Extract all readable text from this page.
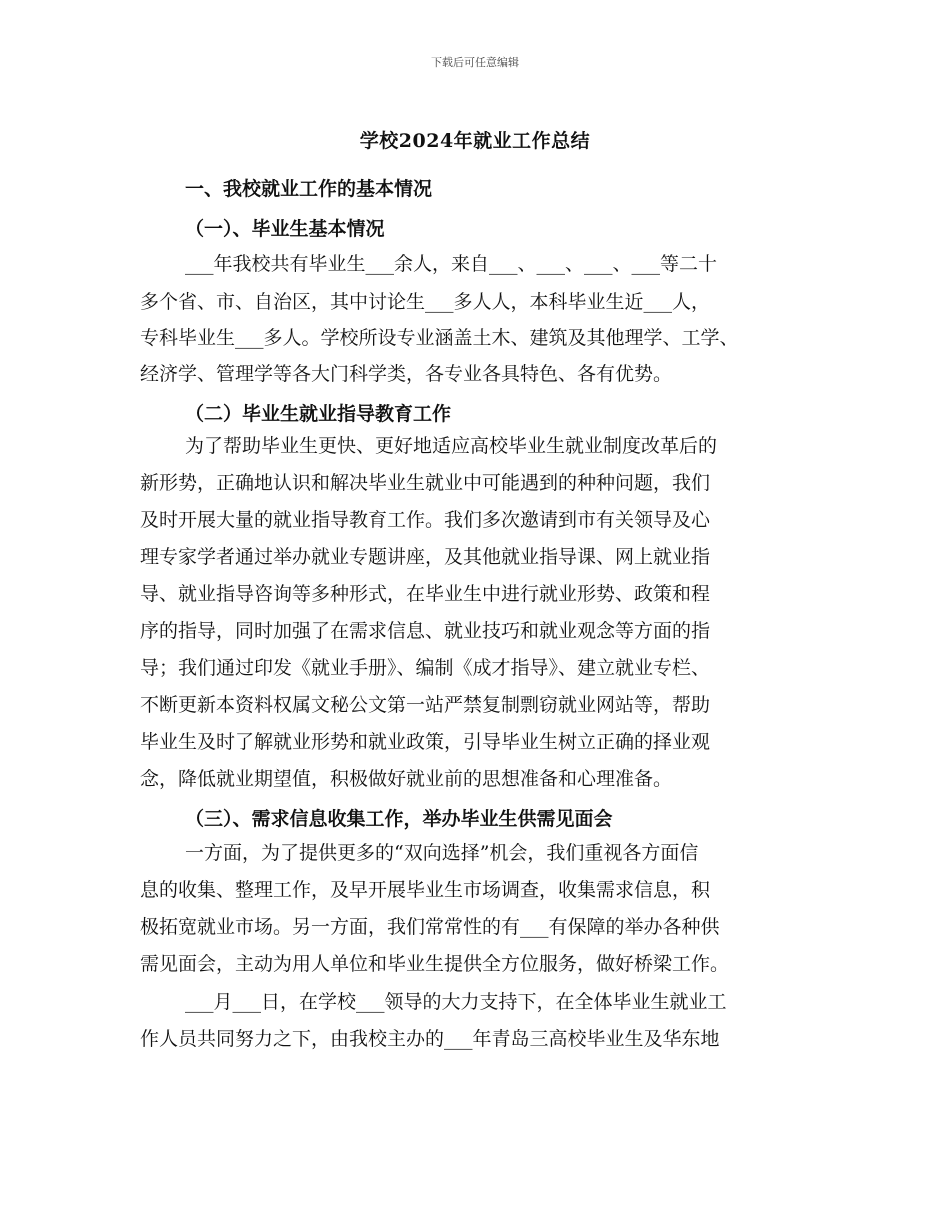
下载后可任意编辑
学校2024年就业工作总结
一、我校就业工作的基本情况
（一）、毕业生基本情况
___年我校共有毕业生___余人，来自___、___、___、___等二十
多个省、市、自治区，其中讨论生___多人人，本科毕业生近___人，
专科毕业生___多人。学校所设专业涵盖土木、建筑及其他理学、工学、
经济学、管理学等各大门科学类，各专业各具特色、各有优势。
（二）毕业生就业指导教育工作
为了帮助毕业生更快、更好地适应高校毕业生就业制度改革后的
新形势，正确地认识和解决毕业生就业中可能遇到的种种问题，我们
及时开展大量的就业指导教育工作。我们多次邀请到市有关领导及心
理专家学者通过举办就业专题讲座，及其他就业指导课、网上就业指
导、就业指导咨询等多种形式，在毕业生中进行就业形势、政策和程
序的指导，同时加强了在需求信息、就业技巧和就业观念等方面的指
导；我们通过印发《就业手册》、编制《成才指导》、建立就业专栏、
不断更新本资料权属文秘公文第一站严禁复制剽窃就业网站等，帮助
毕业生及时了解就业形势和就业政策，引导毕业生树立正确的择业观
念，降低就业期望值，积极做好就业前的思想准备和心理准备。
（三）、需求信息收集工作，举办毕业生供需见面会
一方面，为了提供更多的“双向选择”机会，我们重视各方面信
息的收集、整理工作，及早开展毕业生市场调查，收集需求信息，积
极拓宽就业市场。另一方面，我们常常性的有___有保障的举办各种供
需见面会，主动为用人单位和毕业生提供全方位服务，做好桥梁工作。
___月___日，在学校___领导的大力支持下，在全体毕业生就业工
作人员共同努力之下，由我校主办的___年青岛三高校毕业生及华东地
